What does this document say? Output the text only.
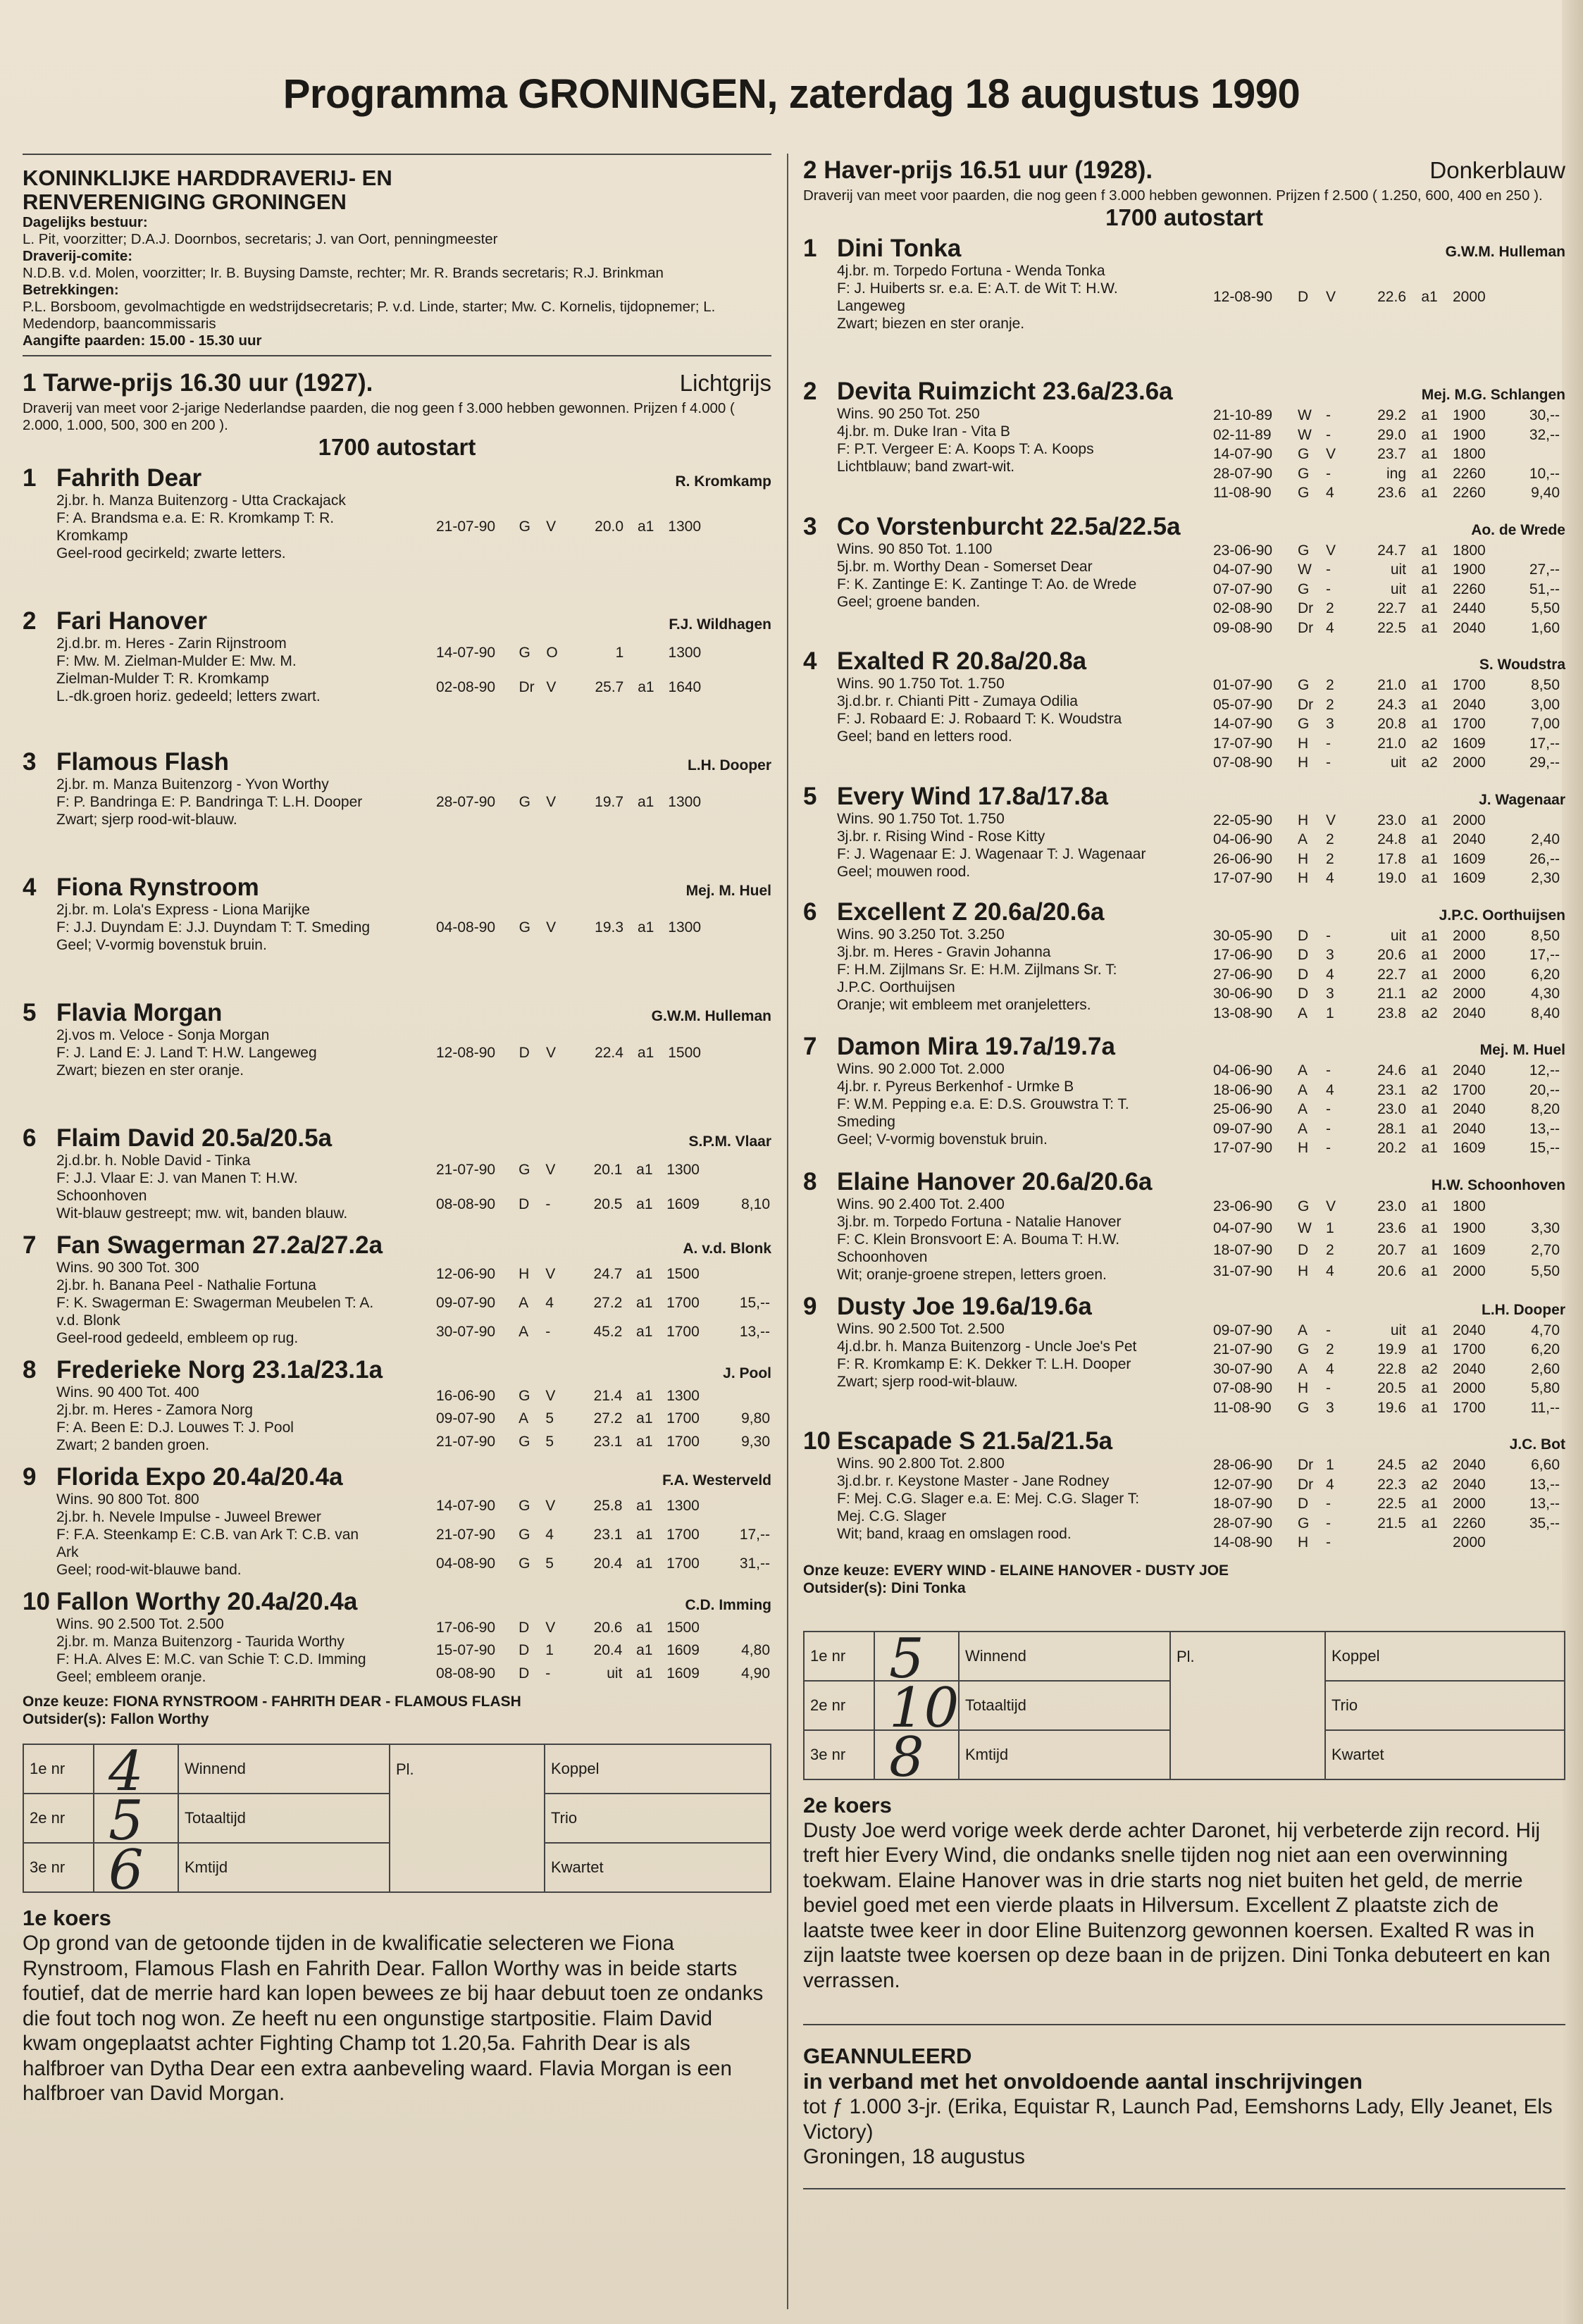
Programma GRONINGEN, zaterdag 18 augustus 1990
KONINKLIJKE HARDDRAVERIJ- EN
RENVERENIGING GRONINGEN
Dagelijks bestuur:
L. Pit, voorzitter; D.A.J. Doornbos, secretaris; J. van Oort, penningmeester
Draverij-comite:
N.D.B. v.d. Molen, voorzitter; Ir. B. Buysing Damste, rechter; Mr. R. Brands secretaris; R.J. Brinkman
Betrekkingen:
P.L. Borsboom, gevolmachtigde en wedstrijdsecretaris; P. v.d. Linde, starter; Mw. C. Kornelis, tijdopnemer; L. Medendorp, baancommissaris
Aangifte paarden: 15.00 - 15.30 uur
1 Tarwe-prijs 16.30 uur (1927).	Lichtgrijs
Draverij van meet voor 2-jarige Nederlandse paarden, die nog geen f 3.000 hebben gewonnen. Prijzen f 4.000 ( 2.000, 1.000, 500, 300 en 200 ).
1700 autostart
1 Fahrith Dear	R. Kromkamp
2j.br. h. Manza Buitenzorg - Utta Crackajack
F: A. Brandsma e.a. E: R. Kromkamp T: R.
Kromkamp
Geel-rood gecirkeld; zwarte letters.
21-07-90	G	V	20.0	a1	1300	
2 Fari Hanover	F.J. Wildhagen
2j.d.br. m. Heres - Zarin Rijnstroom
F: Mw. M. Zielman-Mulder E: Mw. M.
Zielman-Mulder T: R. Kromkamp
L.-dk.groen horiz. gedeeld; letters zwart.
14-07-90	G	O	1		1300	
02-08-90	Dr	V	25.7	a1	1640	
3 Flamous Flash	L.H. Dooper
2j.br. m. Manza Buitenzorg - Yvon Worthy
F: P. Bandringa E: P. Bandringa T: L.H. Dooper
Zwart; sjerp rood-wit-blauw.
28-07-90	G	V	19.7	a1	1300	
4 Fiona Rynstroom	Mej. M. Huel
2j.br. m. Lola's Express - Liona Marijke
F: J.J. Duyndam E: J.J. Duyndam T: T. Smeding
Geel; V-vormig bovenstuk bruin.
04-08-90	G	V	19.3	a1	1300	
5 Flavia Morgan	G.W.M. Hulleman
2j.vos m. Veloce - Sonja Morgan
F: J. Land E: J. Land T: H.W. Langeweg
Zwart; biezen en ster oranje.
12-08-90	D	V	22.4	a1	1500	
6 Flaim David 20.5a/20.5a	S.P.M. Vlaar
2j.d.br. h. Noble David - Tinka
F: J.J. Vlaar E: J. van Manen T: H.W.
Schoonhoven
Wit-blauw gestreept; mw. wit, banden blauw.
21-07-90	G	V	20.1	a1	1300	
08-08-90	D	-	20.5	a1	1609	8,10
7 Fan Swagerman 27.2a/27.2a	A. v.d. Blonk
Wins. 90 300 Tot. 300
2j.br. h. Banana Peel - Nathalie Fortuna
F: K. Swagerman E: Swagerman Meubelen T: A.
v.d. Blonk
Geel-rood gedeeld, embleem op rug.
12-06-90	H	V	24.7	a1	1500	
09-07-90	A	4	27.2	a1	1700	15,--
30-07-90	A	-	45.2	a1	1700	13,--
8 Frederieke Norg 23.1a/23.1a	J. Pool
Wins. 90 400 Tot. 400
2j.br. m. Heres - Zamora Norg
F: A. Been E: D.J. Louwes T: J. Pool
Zwart; 2 banden groen.
16-06-90	G	V	21.4	a1	1300	
09-07-90	A	5	27.2	a1	1700	9,80
21-07-90	G	5	23.1	a1	1700	9,30
9 Florida Expo 20.4a/20.4a	F.A. Westerveld
Wins. 90 800 Tot. 800
2j.br. h. Nevele Impulse - Juweel Brewer
F: F.A. Steenkamp E: C.B. van Ark T: C.B. van
Ark
Geel; rood-wit-blauwe band.
14-07-90	G	V	25.8	a1	1300	
21-07-90	G	4	23.1	a1	1700	17,--
04-08-90	G	5	20.4	a1	1700	31,--
10 Fallon Worthy 20.4a/20.4a	C.D. Imming
Wins. 90 2.500 Tot. 2.500
2j.br. m. Manza Buitenzorg - Taurida Worthy
F: H.A. Alves E: M.C. van Schie T: C.D. Imming
Geel; embleem oranje.
17-06-90	D	V	20.6	a1	1500	
15-07-90	D	1	20.4	a1	1609	4,80
08-08-90	D	-	uit	a1	1609	4,90
Onze keuze: FIONA RYNSTROOM - FAHRITH DEAR - FLAMOUS FLASH
Outsider(s): Fallon Worthy
1e nr 4		Winnend	Pl.	Koppel
2e nr 5		Totaaltijd		Trio
3e nr 6		Kmtijd		Kwartet
1e koers
Op grond van de getoonde tijden in de kwalificatie selecteren we Fiona Rynstroom, Flamous Flash en Fahrith Dear. Fallon Worthy was in beide starts foutief, dat de merrie hard kan lopen bewees ze bij haar debuut toen ze ondanks die fout toch nog won. Ze heeft nu een ongunstige startpositie. Flaim David kwam ongeplaatst achter Fighting Champ tot 1.20,5a. Fahrith Dear is als halfbroer van Dytha Dear een extra aanbeveling waard. Flavia Morgan is een halfbroer van David Morgan.
2 Haver-prijs 16.51 uur (1928).	Donkerblauw
Draverij van meet voor paarden, die nog geen f 3.000 hebben gewonnen. Prijzen f 2.500 ( 1.250, 600, 400 en 250 ).
1700 autostart
1 Dini Tonka	G.W.M. Hulleman
4j.br. m. Torpedo Fortuna - Wenda Tonka
F: J. Huiberts sr. e.a. E: A.T. de Wit T: H.W.
Langeweg
Zwart; biezen en ster oranje.
12-08-90	D	V	22.6	a1	2000	
2 Devita Ruimzicht 23.6a/23.6a	Mej. M.G. Schlangen
Wins. 90 250 Tot. 250
4j.br. m. Duke Iran - Vita B
F: P.T. Vergeer E: A. Koops T: A. Koops
Lichtblauw; band zwart-wit.
21-10-89	W	-	29.2	a1	1900	30,--
02-11-89	W	-	29.0	a1	1900	32,--
14-07-90	G	V	23.7	a1	1800	
28-07-90	G	-	ing	a1	2260	10,--
11-08-90	G	4	23.6	a1	2260	9,40
3 Co Vorstenburcht 22.5a/22.5a	Ao. de Wrede
Wins. 90 850 Tot. 1.100
5j.br. m. Worthy Dean - Somerset Dear
F: K. Zantinge E: K. Zantinge T: Ao. de Wrede
Geel; groene banden.
23-06-90	G	V	24.7	a1	1800	
04-07-90	W	-	uit	a1	1900	27,--
07-07-90	G	-	uit	a1	2260	51,--
02-08-90	Dr	2	22.7	a1	2440	5,50
09-08-90	Dr	4	22.5	a1	2040	1,60
4 Exalted R 20.8a/20.8a	S. Woudstra
Wins. 90 1.750 Tot. 1.750
3j.d.br. r. Chianti Pitt - Zumaya Odilia
F: J. Robaard E: J. Robaard T: K. Woudstra
Geel; band en letters rood.
01-07-90	G	2	21.0	a1	1700	8,50
05-07-90	Dr	2	24.3	a1	2040	3,00
14-07-90	G	3	20.8	a1	1700	7,00
17-07-90	H	-	21.0	a2	1609	17,--
07-08-90	H	-	uit	a2	2000	29,--
5 Every Wind 17.8a/17.8a	J. Wagenaar
Wins. 90 1.750 Tot. 1.750
3j.br. r. Rising Wind - Rose Kitty
F: J. Wagenaar E: J. Wagenaar T: J. Wagenaar
Geel; mouwen rood.
22-05-90	H	V	23.0	a1	2000	
04-06-90	A	2	24.8	a1	2040	2,40
26-06-90	H	2	17.8	a1	1609	26,--
17-07-90	H	4	19.0	a1	1609	2,30
6 Excellent Z 20.6a/20.6a	J.P.C. Oorthuijsen
Wins. 90 3.250 Tot. 3.250
3j.br. m. Heres - Gravin Johanna
F: H.M. Zijlmans Sr. E: H.M. Zijlmans Sr. T:
J.P.C. Oorthuijsen
Oranje; wit embleem met oranjeletters.
30-05-90	D	-	uit	a1	2000	8,50
17-06-90	D	3	20.6	a1	2000	17,--
27-06-90	D	4	22.7	a1	2000	6,20
30-06-90	D	3	21.1	a2	2000	4,30
13-08-90	A	1	23.8	a2	2040	8,40
7 Damon Mira 19.7a/19.7a	Mej. M. Huel
Wins. 90 2.000 Tot. 2.000
4j.br. r. Pyreus Berkenhof - Urmke B
F: W.M. Pepping e.a. E: D.S. Grouwstra T: T.
Smeding
Geel; V-vormig bovenstuk bruin.
04-06-90	A	-	24.6	a1	2040	12,--
18-06-90	A	4	23.1	a2	1700	20,--
25-06-90	A	-	23.0	a1	2040	8,20
09-07-90	A	-	28.1	a1	2040	13,--
17-07-90	H	-	20.2	a1	1609	15,--
8 Elaine Hanover 20.6a/20.6a	H.W. Schoonhoven
Wins. 90 2.400 Tot. 2.400
3j.br. m. Torpedo Fortuna - Natalie Hanover
F: C. Klein Bronsvoort E: A. Bouma T: H.W.
Schoonhoven
Wit; oranje-groene strepen, letters groen.
23-06-90	G	V	23.0	a1	1800	
04-07-90	W	1	23.6	a1	1900	3,30
18-07-90	D	2	20.7	a1	1609	2,70
31-07-90	H	4	20.6	a1	2000	5,50
9 Dusty Joe 19.6a/19.6a	L.H. Dooper
Wins. 90 2.500 Tot. 2.500
4j.d.br. h. Manza Buitenzorg - Uncle Joe's Pet
F: R. Kromkamp E: K. Dekker T: L.H. Dooper
Zwart; sjerp rood-wit-blauw.
09-07-90	A	-	uit	a1	2040	4,70
21-07-90	G	2	19.9	a1	1700	6,20
30-07-90	A	4	22.8	a2	2040	2,60
07-08-90	H	-	20.5	a1	2000	5,80
11-08-90	G	3	19.6	a1	1700	11,--
10 Escapade S 21.5a/21.5a	J.C. Bot
Wins. 90 2.800 Tot. 2.800
3j.d.br. r. Keystone Master - Jane Rodney
F: Mej. C.G. Slager e.a. E: Mej. C.G. Slager T:
Mej. C.G. Slager
Wit; band, kraag en omslagen rood.
28-06-90	Dr	1	24.5	a2	2040	6,60
12-07-90	Dr	4	22.3	a2	2040	13,--
18-07-90	D	-	22.5	a1	2000	13,--
28-07-90	G	-	21.5	a1	2260	35,--
14-08-90	H	-			2000	
Onze keuze: EVERY WIND - ELAINE HANOVER - DUSTY JOE
Outsider(s): Dini Tonka
1e nr 5		Winnend	Pl.	Koppel
2e nr 10		Totaaltijd		Trio
3e nr 8		Kmtijd		Kwartet
2e koers
Dusty Joe werd vorige week derde achter Daronet, hij verbeterde zijn record. Hij treft hier Every Wind, die ondanks snelle tijden nog niet aan een overwinning toekwam. Elaine Hanover was in drie starts nog niet buiten het geld, de merrie beviel goed met een vierde plaats in Hilversum. Excellent Z plaatste zich de laatste twee keer in door Eline Buitenzorg gewonnen koersen. Exalted R was in zijn laatste twee koersen op deze baan in de prijzen. Dini Tonka debuteert en kan verrassen.
GEANNULEERD
in verband met het onvoldoende aantal inschrijvingen
tot ƒ 1.000 3-jr. (Erika, Equistar R, Launch Pad, Eemshorns Lady, Elly Jeanet, Els Victory)
Groningen, 18 augustus
